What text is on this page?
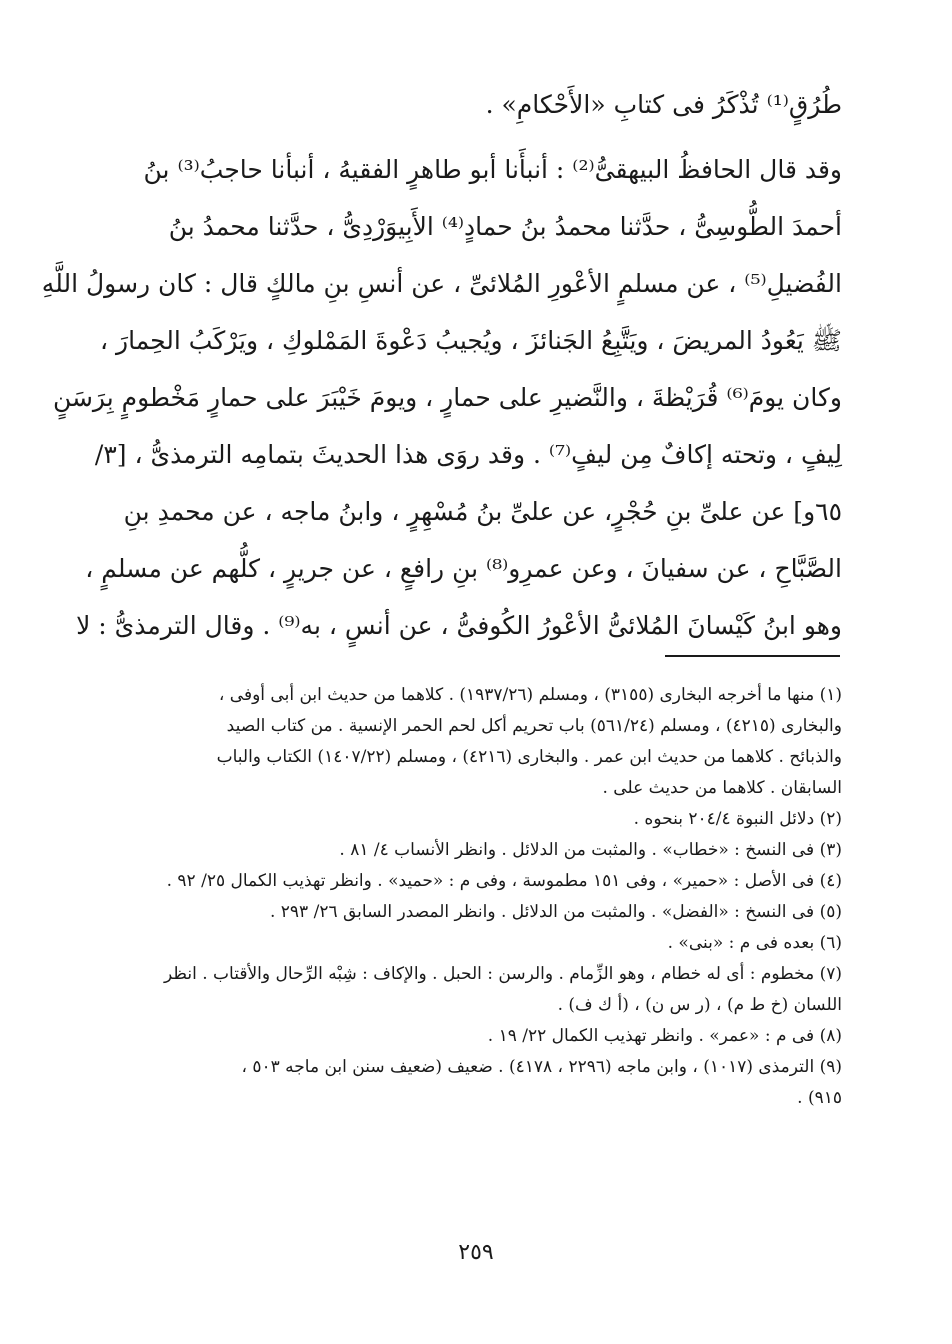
طُرُقٍ⁽¹⁾ تُذْكَرُ فى كتابِ «الأَحْكامِ» .
وقد قال الحافظُ البيهقىُّ⁽²⁾ : أنبأَنا أبو طاهرٍ الفقيهُ ، أنبأنا حاجبُ⁽³⁾ بنُ
أحمدَ الطُّوسِىُّ ، حدَّثنا محمدُ بنُ حمادٍ⁽⁴⁾ الأَبِيوَرْدِىُّ ، حدَّثنا محمدُ بنُ
الفُضيلِ⁽⁵⁾ ، عن مسلمٍ الأعْورِ المُلائىِّ ، عن أنسِ بنِ مالكٍ قال : كان رسولُ اللَّهِ
ﷺ يَعُودُ المريضَ ، ويَتَّبِعُ الجَنائزَ ، ويُجيبُ دَعْوةَ المَمْلوكِ ، ويَرْكَبُ الحِمارَ ،
وكان يومَ⁽⁶⁾ قُرَيْظةَ ، والنَّضيرِ على حمارٍ ، ويومَ خَيْبَرَ على حمارٍ مَخْطومٍ بِرَسَنٍ
لِيفٍ ، وتحته إكافٌ مِن ليفٍ⁽⁷⁾ . وقد روَى هذا الحديثَ بتمامِه الترمذىُّ ، [٣/
٦٥و] عن علىِّ بنِ حُجْرٍ، عن علىِّ بنُ مُسْهِرٍ ، وابنُ ماجه ، عن محمدِ بنِ
الصَّبَّاحِ ، عن سفيانَ ، وعن عمرِو⁽⁸⁾ بنِ رافعٍ ، عن جريرٍ ، كلُّهم عن مسلمٍ ،
وهو ابنُ كَيْسانَ المُلائىُّ الأعْورُ الكُوفىُّ ، عن أنسٍ ، به⁽⁹⁾ . وقال الترمذىُّ : لا
(١) منها ما أخرجه البخارى (٣١٥٥) ، ومسلم (١٩٣٧/٢٦) . كلاهما من حديث ابن أبى أوفى ،
والبخارى (٤٢١٥) ، ومسلم (٥٦١/٢٤) باب تحريم أكل لحم الحمر الإنسية . من كتاب الصيد
والذبائح . كلاهما من حديث ابن عمر . والبخارى (٤٢١٦) ، ومسلم (١٤٠٧/٢٢) الكتاب والباب
السابقان . كلاهما من حديث على .
(٢) دلائل النبوة ٢٠٤/٤ بنحوه .
(٣) فى النسخ : «خطاب» . والمثبت من الدلائل . وانظر الأنساب ٤/ ٨١ .
(٤) فى الأصل : «حمير» ، وفى ١٥١ مطموسة ، وفى م : «حميد» . وانظر تهذيب الكمال ٢٥/ ٩٢ .
(٥) فى النسخ : «الفضل» . والمثبت من الدلائل . وانظر المصدر السابق ٢٦/ ٢٩٣ .
(٦) بعده فى م : «بنى» .
(٧) مخطوم : أى له خطام ، وهو الزِّمام . والرسن : الحبل . والإكاف : شِبْه الرِّحال والأقتاب . انظر
اللسان (خ ط م) ، (ر س ن) ، (أ ك ف) .
(٨) فى م : «عمر» . وانظر تهذيب الكمال ٢٢/ ١٩ .
(٩) الترمذى (١٠١٧) ، وابن ماجه (٢٢٩٦ ، ٤١٧٨) . ضعيف (ضعيف سنن ابن ماجه ٥٠٣ ،
٩١٥) .
٢٥٩
